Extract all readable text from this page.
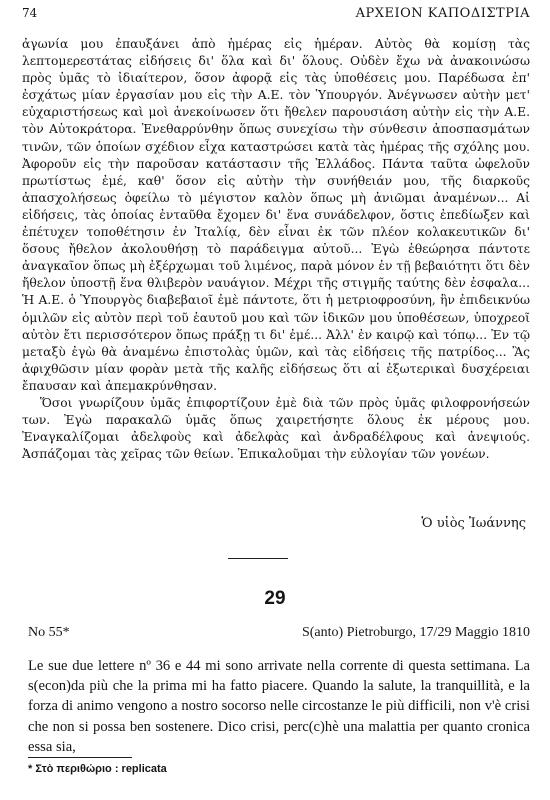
74	ΑΡΧΕΙΟΝ ΚΑΠΟΔΙΣΤΡΙΑ

ἀγωνία μου ἐπαυξάνει ἀπὸ ἡμέρας εἰς ἡμέραν. Αὐτὸς θὰ κομίσῃ τὰς λεπτομερεστάτας εἰδήσεις δι' ὅλα καὶ δι' ὅλους. Οὐδὲν ἔχω νὰ ἀνακοινώσω πρὸς ὑμᾶς τὸ ἰδιαίτερον, ὅσον ἀφορᾷ εἰς τὰς ὑποθέσεις μου. Παρέδωσα ἐπ' ἐσχάτως μίαν ἐργασίαν μου εἰς τὴν Α.Ε. τὸν Ὑπουργόν. Ἀνέγνωσεν αὐτὴν μετ' εὐχαριστήσεως καὶ μοὶ ἀνεκοίνωσεν ὅτι ἤθελεν παρουσιάση αὐτὴν εἰς τὴν Α.Ε. τὸν Αὐτοκράτορα. Ἐνεθαρρύνθην ὅπως συνεχίσω τὴν σύνθεσιν ἀποσπασμάτων τινῶν, τῶν ὁποίων σχέδιον εἶχα καταστρώσει κατὰ τὰς ἡμέρας τῆς σχόλης μου. Ἀφοροῦν εἰς τὴν παροῦσαν κατάστασιν τῆς Ἑλλάδος. Πάντα ταῦτα ὠφελοῦν πρωτίστως ἐμέ, καθ' ὅσον εἰς αὐτὴν τὴν συνήθειάν μου, τῆς διαρκοῦς ἀπασχολήσεως ὀφείλω τὸ μέγιστον καλὸν ὅπως μὴ ἀνιῶμαι ἀναμένων... Αἱ εἰδήσεις, τὰς ὁποίας ἐνταῦθα ἔχομεν δι' ἕνα συνάδελφον, ὅστις ἐπεδίωξεν καὶ ἐπέτυχεν τοποθέτησιν ἐν Ἰταλίᾳ, δὲν εἶναι ἐκ τῶν πλέον κολακευτικῶν δι' ὅσους ἤθελον ἀκολουθήσῃ τὸ παράδειγμα αὐτοῦ... Ἐγὼ ἐθεώρησα πάντοτε ἀναγκαῖον ὅπως μὴ ἐξέρχωμαι τοῦ λιμένος, παρὰ μόνον ἐν τῇ βεβαιότητι ὅτι δὲν ἤθελον ὑποστῇ ἕνα θλιβερὸν ναυάγιον. Μέχρι τῆς στιγμῆς ταύτης δὲν ἐσφαλα... Ἡ Α.Ε. ὁ Ὑπουργὸς διαβεβαιοῖ ἐμὲ πάντοτε, ὅτι ἡ μετριοφροσύνη, ἣν ἐπιδεικνύω ὁμιλῶν εἰς αὐτὸν περὶ τοῦ ἑαυτοῦ μου καὶ τῶν ἰδικῶν μου ὑποθέσεων, ὑποχρεοῖ αὐτὸν ἔτι περισσότερον ὅπως πράξῃ τι δι' ἐμέ... Ἀλλ' ἐν καιρῷ καὶ τόπῳ... Ἐν τῷ μεταξὺ ἐγὼ θὰ ἀναμένω ἐπιστολὰς ὑμῶν, καὶ τὰς εἰδήσεις τῆς πατρίδος... Ἂς ἀφιχθῶσιν μίαν φορὰν μετὰ τῆς καλῆς εἰδήσεως ὅτι αἱ ἐξωτερικαὶ δυσχέρειαι ἔπαυσαν καὶ ἀπεμακρύνθησαν.

Ὅσοι γνωρίζουν ὑμᾶς ἐπιφορτίζουν ἐμὲ διὰ τῶν πρὸς ὑμᾶς φιλοφρονήσεών των. Ἐγὼ παρακαλῶ ὑμᾶς ὅπως χαιρετήσητε ὅλους ἐκ μέρους μου. Ἐναγκαλίζομαι ἀδελφοὺς καὶ ἀδελφὰς καὶ ἀνδραδέλφους καὶ ἀνεψιούς. Ἀσπάζομαι τὰς χεῖρας τῶν θείων. Ἐπικαλοῦμαι τὴν εὐλογίαν τῶν γονέων.

Ὁ υἱὸς Ἰωάννης
29
No 55*	S(anto) Pietroburgo, 17/29 Maggio 1810

Le sue due lettere nº 36 e 44 mi sono arrivate nella corrente di questa settimana. La s(econ)da più che la prima mi ha fatto piacere. Quando la salute, la tranquillità, e la forza di animo vengono a nostro socorso nelle circostanze le più difficili, non v'è crisi che non si possa ben sostenere. Dico crisi, perc(c)hè una malattia per quanto cronica essa sia,

* Στὸ περιθώριο : replicata
